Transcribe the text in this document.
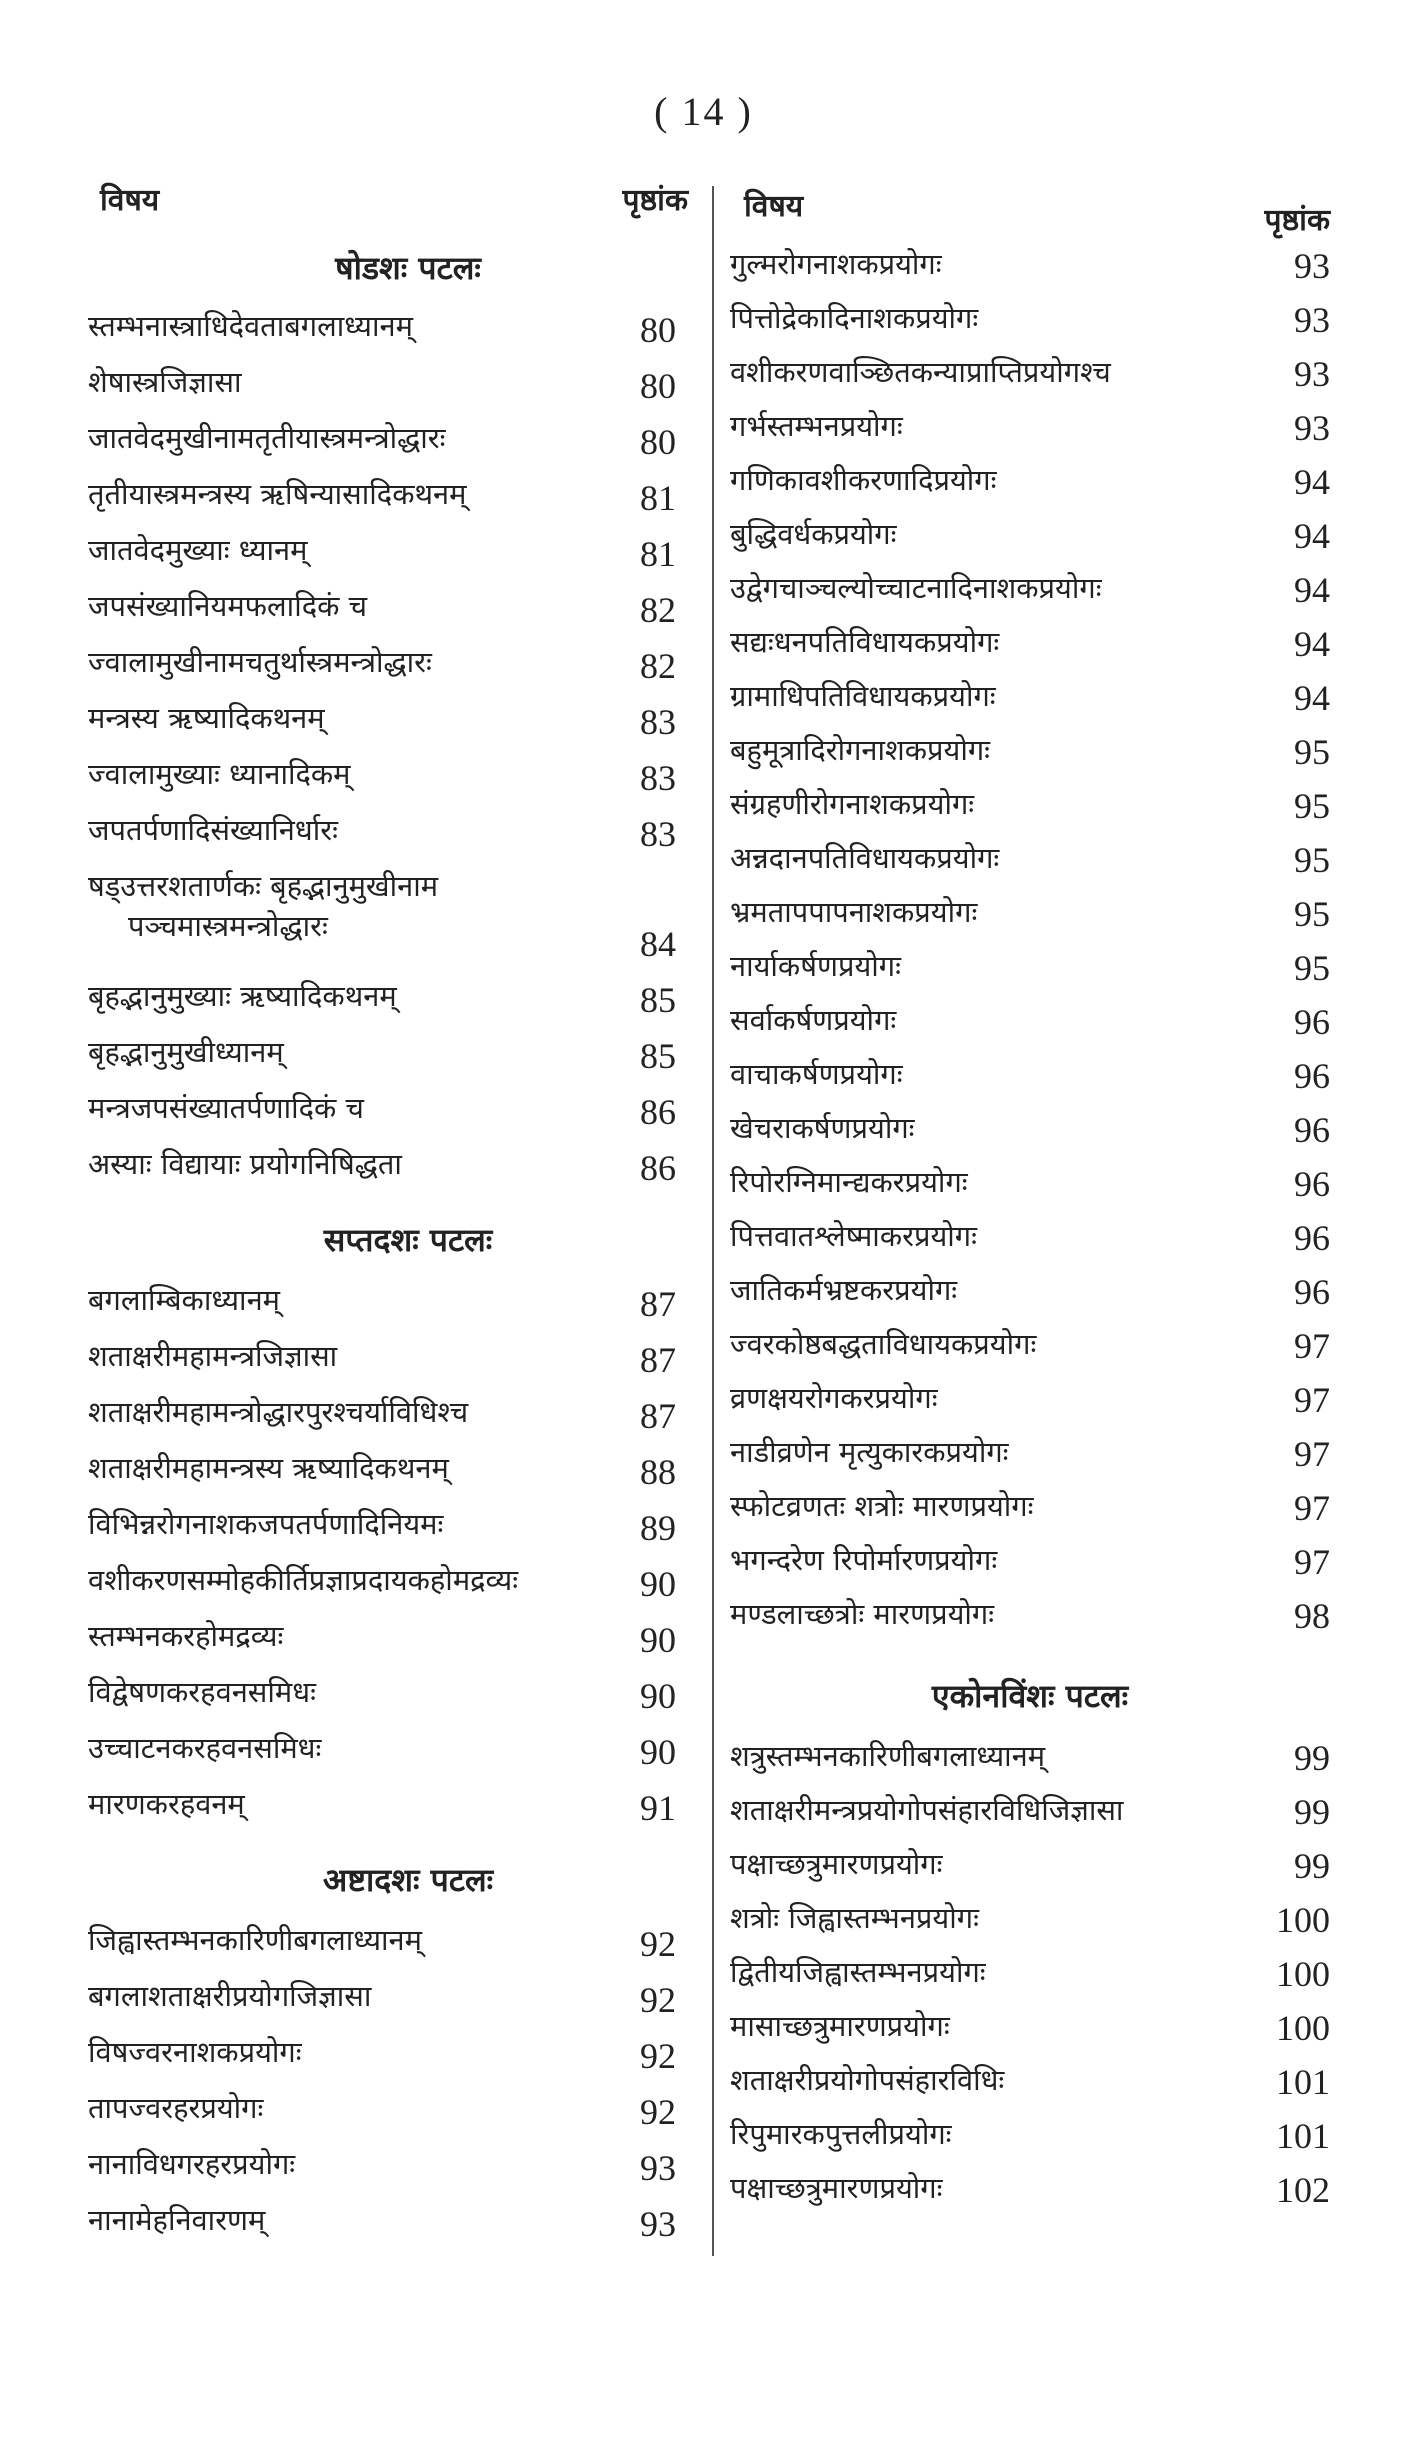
( 14 )
विषय	पृष्ठांक
षोडशः पटलः
स्तम्भनास्त्राधिदेवताबगलाध्यानम्	80
शेषास्त्रजिज्ञासा	80
जातवेदमुखीनामतृतीयास्त्रमन्त्रोद्धारः	80
तृतीयास्त्रमन्त्रस्य ऋषिन्यासादिकथनम्	81
जातवेदमुख्याः ध्यानम्	81
जपसंख्यानियमफलादिकं च	82
ज्वालामुखीनामचतुर्थास्त्रमन्त्रोद्धारः	82
मन्त्रस्य ऋष्यादिकथनम्	83
ज्वालामुख्याः ध्यानादिकम्	83
जपतर्पणादिसंख्यानिर्धारः	83
षड्उत्तरशतार्णकः बृहद्भानुमुखीनाम
पञ्चमास्त्रमन्त्रोद्धारः	84
बृहद्भानुमुख्याः ऋष्यादिकथनम्	85
बृहद्भानुमुखीध्यानम्	85
मन्त्रजपसंख्यातर्पणादिकं च	86
अस्याः विद्यायाः प्रयोगनिषिद्धता	86
सप्तदशः पटलः
बगलाम्बिकाध्यानम्	87
शताक्षरीमहामन्त्रजिज्ञासा	87
शताक्षरीमहामन्त्रोद्धारपुरश्चर्याविधिश्च	87
शताक्षरीमहामन्त्रस्य ऋष्यादिकथनम्	88
विभिन्नरोगनाशकजपतर्पणादिनियमः	89
वशीकरणसम्मोहकीर्तिप्रज्ञाप्रदायकहोमद्रव्यः	90
स्तम्भनकरहोमद्रव्यः	90
विद्वेषणकरहवनसमिधः	90
उच्चाटनकरहवनसमिधः	90
मारणकरहवनम्	91
अष्टादशः पटलः
जिह्वास्तम्भनकारिणीबगलाध्यानम्	92
बगलाशताक्षरीप्रयोगजिज्ञासा	92
विषज्वरनाशकप्रयोगः	92
तापज्वरहरप्रयोगः	92
नानाविधगरहरप्रयोगः	93
नानामेहनिवारणम्	93
विषय	पृष्ठांक
गुल्मरोगनाशकप्रयोगः	93
पित्तोद्रेकादिनाशकप्रयोगः	93
वशीकरणवाञ्छितकन्याप्राप्तिप्रयोगश्च	93
गर्भस्तम्भनप्रयोगः	93
गणिकावशीकरणादिप्रयोगः	94
बुद्धिवर्धकप्रयोगः	94
उद्वेगचाञ्चल्योच्चाटनादिनाशकप्रयोगः	94
सद्यःधनपतिविधायकप्रयोगः	94
ग्रामाधिपतिविधायकप्रयोगः	94
बहुमूत्रादिरोगनाशकप्रयोगः	95
संग्रहणीरोगनाशकप्रयोगः	95
अन्नदानपतिविधायकप्रयोगः	95
भ्रमतापपापनाशकप्रयोगः	95
नार्याकर्षणप्रयोगः	95
सर्वाकर्षणप्रयोगः	96
वाचाकर्षणप्रयोगः	96
खेचराकर्षणप्रयोगः	96
रिपोरग्निमान्द्यकरप्रयोगः	96
पित्तवातश्लेष्माकरप्रयोगः	96
जातिकर्मभ्रष्टकरप्रयोगः	96
ज्वरकोष्ठबद्धताविधायकप्रयोगः	97
व्रणक्षयरोगकरप्रयोगः	97
नाडीव्रणेन मृत्युकारकप्रयोगः	97
स्फोटव्रणतः शत्रोः मारणप्रयोगः	97
भगन्दरेण रिपोर्मारणप्रयोगः	97
मण्डलाच्छत्रोः मारणप्रयोगः	98
एकोनविंशः पटलः
शत्रुस्तम्भनकारिणीबगलाध्यानम्	99
शताक्षरीमन्त्रप्रयोगोपसंहारविधिजिज्ञासा	99
पक्षाच्छत्रुमारणप्रयोगः	99
शत्रोः जिह्वास्तम्भनप्रयोगः	100
द्वितीयजिह्वास्तम्भनप्रयोगः	100
मासाच्छत्रुमारणप्रयोगः	100
शताक्षरीप्रयोगोपसंहारविधिः	101
रिपुमारकपुत्तलीप्रयोगः	101
पक्षाच्छत्रुमारणप्रयोगः	102
